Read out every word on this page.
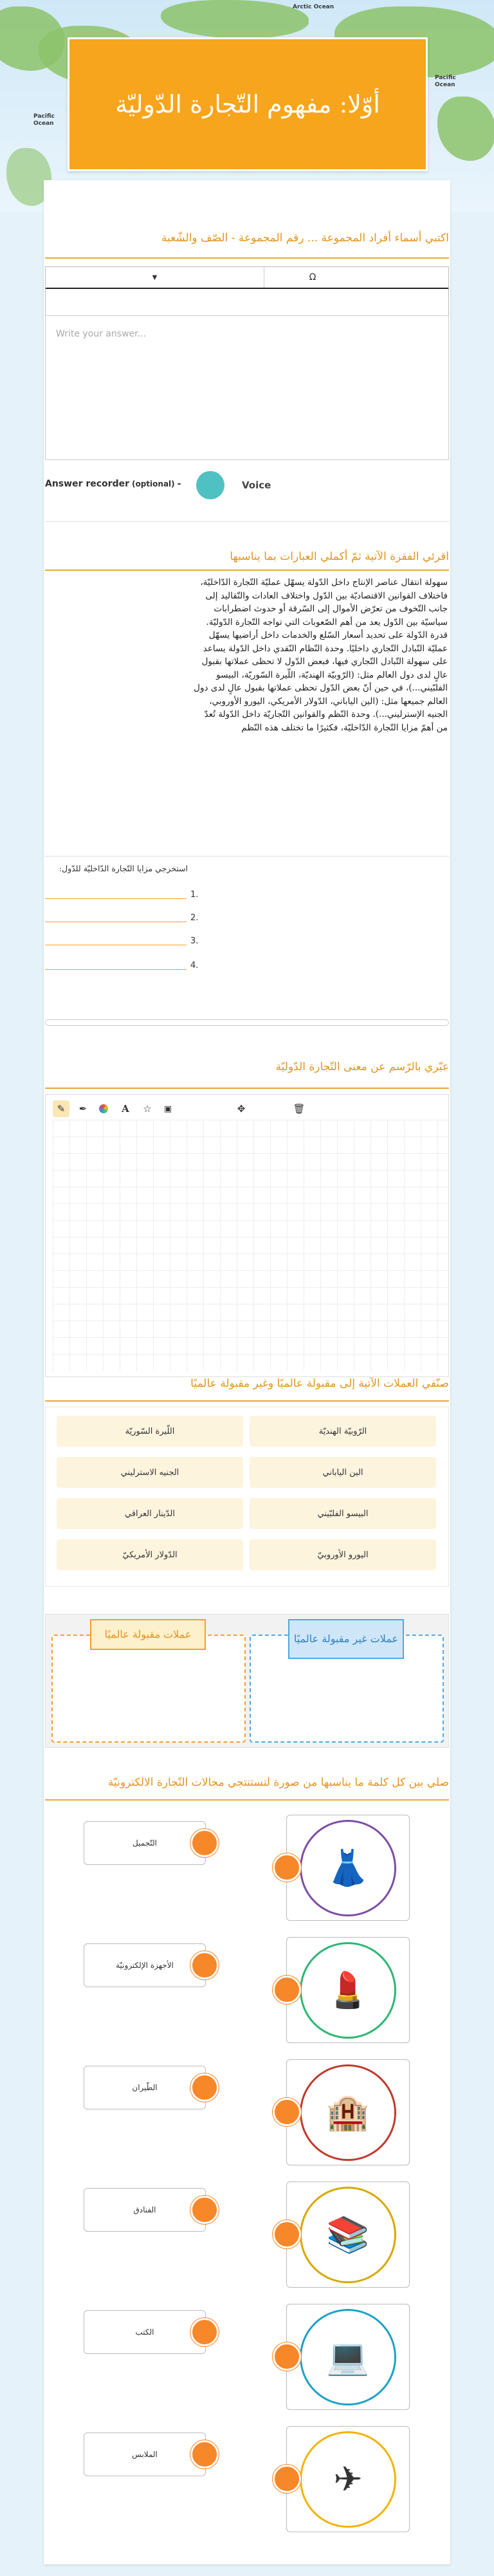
Arctic Ocean
Pacific Ocean
Pacific Ocean
أوّلا: مفهوم التّجارة الدّوليّة
اكتبي أسماء أفراد المجموعة ... رقم المجموعة - الصّف والشّعبة
▼	Ω
Write your answer...
Answer recorder (optional) -	Voice
اقرئي الفقرة الآتية ثمّ أكملي العبارات بما يناسبها
سهولة انتقال عناصر الإنتاج داخل الدّولة يسهّل عمليّة التّجارة الدّاخليّة، فاختلاف القوانين الاقتصاديّة بين الدّول واختلاف العادات والتّقاليد إلى جانب التّخوف من تعرّض الأموال إلى السّرقة أو حدوث اضطرابات سياسيّة بين الدّول يعد من أهم الصّعوبات التي تواجه التّجارة الدّوليّة. قدرة الدّولة على تحديد أسعار السّلع والخدمات داخل أراضيها يسهّل عمليّة التّبادل التّجاري داخليًا. وحدة النّظام النّقدي داخل الدّولة يساعد على سهولة التّبادل التّجاري فيها، فبعض الدّول لا تحظى عملاتها بقبول عالٍ لدى دول العالم مثل: (الرّوبيّة الهنديّة، اللّيرة السّوريّة، البيسو الفلبّيني...)، في حين أنّ بعض الدّول تحظى عملاتها بقبول عالٍ لدى دول العالم جميعها مثل: (الين الياباني، الدّولار الأمريكي، اليورو الأوروبي، الجنيه الإسترليني...). وحدة النّظم والقوانين التّجاريّة داخل الدّولة تُعدّ من أهمّ مزايا التّجارة الدّاخليّة، فكثيرًا ما تختلف هذه النّظم
استخرجي مزايا التّجارة الدّاخليّة للدّول:
1.
2.
3.
4.
عبّري بالرّسم عن معنى التّجارة الدّوليّة
✎	✒	A	☆	▣	✥	🗑
صنّفي العملات الآتية إلى مقبولة عالميًا وغير مقبولة عالميًا
الرّوبيّة الهنديّة
اللّيرة السّوريّة
الين الياباني
الجنيه الاسترليني
البيسو الفلبّيني
الدّينار العراقي
اليورو الأوروبيّ
الدّولار الأمريكيّ
عملات غير مقبولة عالميًا
عملات مقبولة عالميًا
صلي بين كل كلمة ما يناسبها من صورة لتستنتجي مجالات التّجارة الالكترونيّة
التّجميل
👗
الأجهزة الإلكترونيّة
💄
الطّيران
🏨
الفنادق
📚
الكتب
💻
الملابس
✈
